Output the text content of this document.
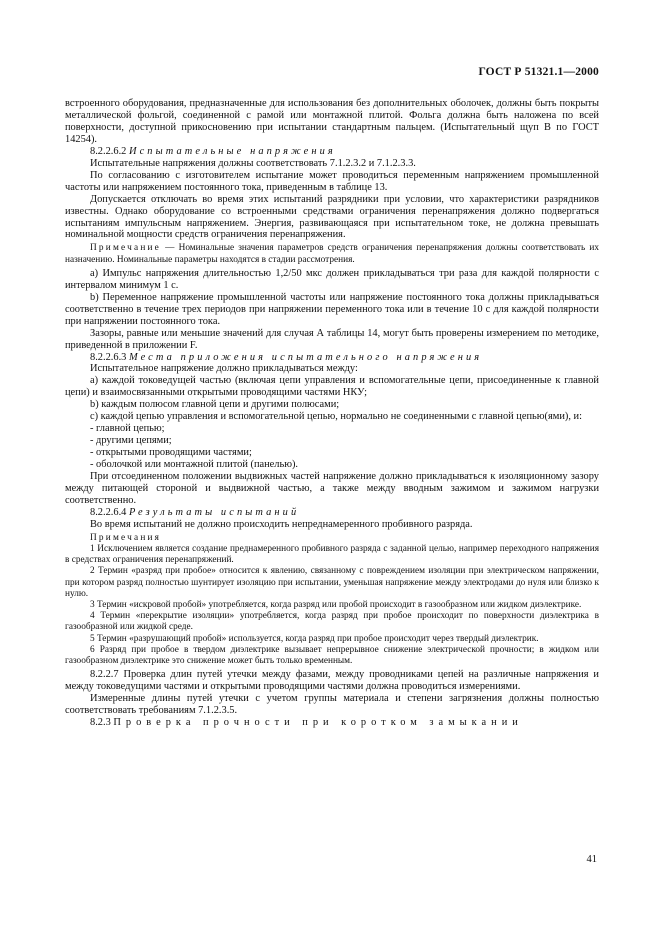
ГОСТ Р 51321.1—2000

встроенного оборудования, предназначенные для использования без дополнительных оболочек, должны быть покрыты металлической фольгой, соединенной с рамой или монтажной плитой. Фольга должна быть наложена по всей поверхности, доступной прикосновению при испытании стандартным пальцем. (Испытательный щуп В по ГОСТ 14254).

8.2.2.6.2 Испытательные напряжения

Испытательные напряжения должны соответствовать 7.1.2.3.2 и 7.1.2.3.3.

По согласованию с изготовителем испытание может проводиться переменным напряжением промышленной частоты или напряжением постоянного тока, приведенным в таблице 13.

Допускается отключать во время этих испытаний разрядники при условии, что характеристики разрядников известны. Однако оборудование со встроенными средствами ограничения перенапряжения должно подвергаться испытаниям импульсным напряжением. Энергия, развивающаяся при испытательном токе, не должна превышать номинальной мощности средств ограничения перенапряжения.

Примечание — Номинальные значения параметров средств ограничения перенапряжения должны соответствовать их назначению. Номинальные параметры находятся в стадии рассмотрения.

а) Импульс напряжения длительностью 1,2/50 мкс должен прикладываться три раза для каждой полярности с интервалом минимум 1 с.

b) Переменное напряжение промышленной частоты или напряжение постоянного тока должны прикладываться соответственно в течение трех периодов при напряжении переменного тока или в течение 10 с для каждой полярности при напряжении постоянного тока.

Зазоры, равные или меньшие значений для случая А таблицы 14, могут быть проверены измерением по методике, приведенной в приложении F.

8.2.2.6.3 Места приложения испытательного напряжения

Испытательное напряжение должно прикладываться между:

а) каждой токоведущей частью (включая цепи управления и вспомогательные цепи, присоединенные к главной цепи) и взаимосвязанными открытыми проводящими частями НКУ;

b) каждым полюсом главной цепи и другими полюсами;

с) каждой цепью управления и вспомогательной цепью, нормально не соединенными с главной цепью(ями), и:

- главной цепью;

- другими цепями;

- открытыми проводящими частями;

- оболочкой или монтажной плитой (панелью).

При отсоединенном положении выдвижных частей напряжение должно прикладываться к изоляционному зазору между питающей стороной и выдвижной частью, а также между вводным зажимом и зажимом нагрузки соответственно.

8.2.2.6.4 Результаты испытаний

Во время испытаний не должно происходить непреднамеренного пробивного разряда.

Примечания

1 Исключением является создание преднамеренного пробивного разряда с заданной целью, например переходного напряжения в средствах ограничения перенапряжений.

2 Термин «разряд при пробое» относится к явлению, связанному с повреждением изоляции при электрическом напряжении, при котором разряд полностью шунтирует изоляцию при испытании, уменьшая напряжение между электродами до нуля или близко к нулю.

3 Термин «искровой пробой» употребляется, когда разряд или пробой происходит в газообразном или жидком диэлектрике.

4 Термин «перекрытие изоляции» употребляется, когда разряд при пробое происходит по поверхности диэлектрика в газообразной или жидкой среде.

5 Термин «разрушающий пробой» используется, когда разряд при пробое происходит через твердый диэлектрик.

6 Разряд при пробое в твердом диэлектрике вызывает непрерывное снижение электрической прочности; в жидком или газообразном диэлектрике это снижение может быть только временным.

8.2.2.7 Проверка длин путей утечки между фазами, между проводниками цепей на различные напряжения и между токоведущими частями и открытыми проводящими частями должна проводиться измерениями.

Измеренные длины путей утечки с учетом группы материала и степени загрязнения должны полностью соответствовать требованиям 7.1.2.3.5.

8.2.3 Проверка прочности при коротком замыкании

41
